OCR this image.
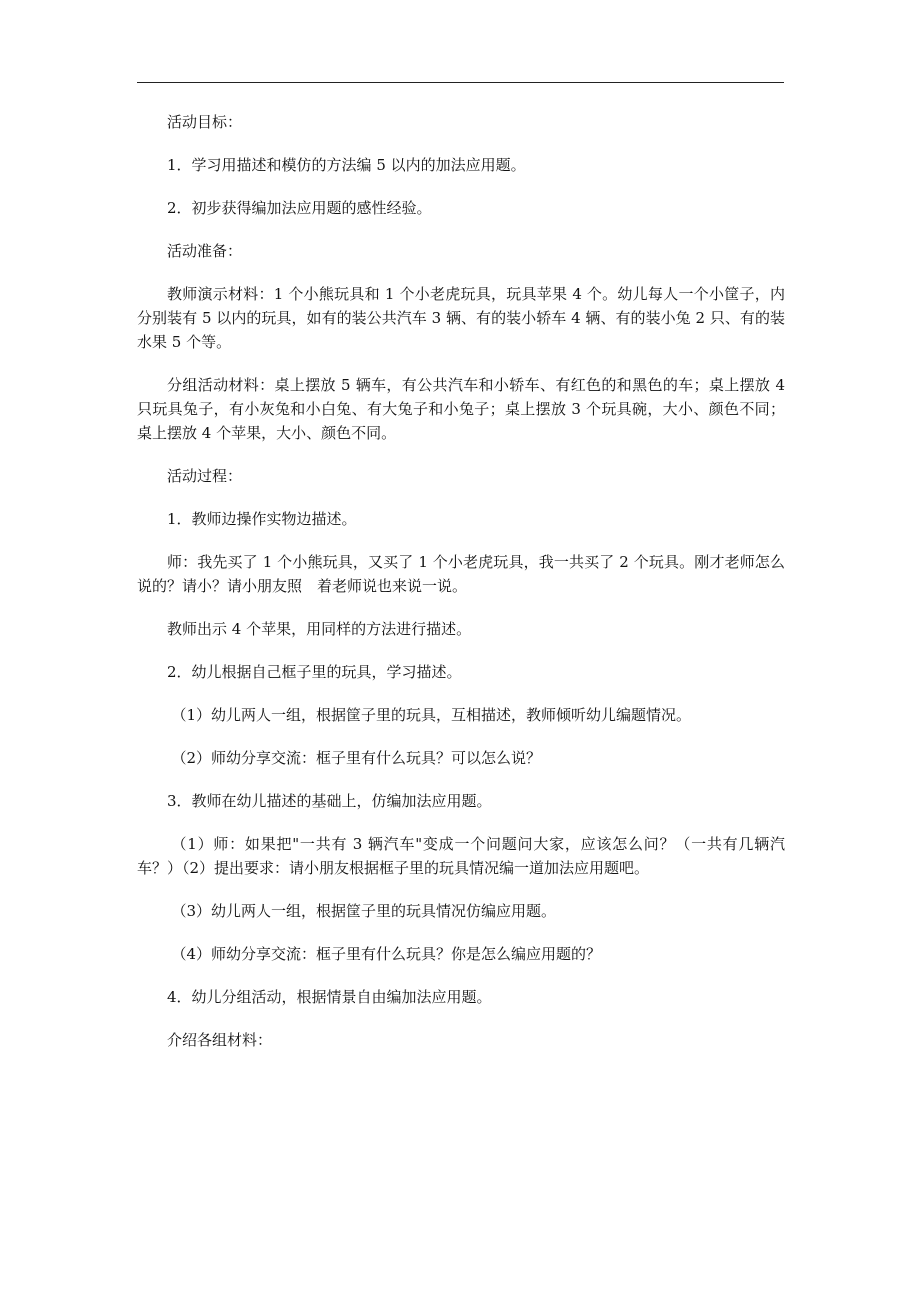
活动目标：

1．学习用描述和模仿的方法编 5 以内的加法应用题。

2．初步获得编加法应用题的感性经验。

活动准备：

教师演示材料：1 个小熊玩具和 1 个小老虎玩具，玩具苹果 4 个。幼儿每人一个小筐子，内分别装有 5 以内的玩具，如有的装公共汽车 3 辆、有的装小轿车 4 辆、有的装小兔 2 只、有的装水果 5 个等。

分组活动材料：桌上摆放 5 辆车，有公共汽车和小轿车、有红色的和黑色的车；桌上摆放 4 只玩具兔子，有小灰兔和小白兔、有大兔子和小兔子；桌上摆放 3 个玩具碗，大小、颜色不同；桌上摆放 4 个苹果，大小、颜色不同。

活动过程：

1．教师边操作实物边描述。

师：我先买了 1 个小熊玩具，又买了 1 个小老虎玩具，我一共买了 2 个玩具。刚才老师怎么说的？请小？请小朋友照　着老师说也来说一说。

教师出示 4 个苹果，用同样的方法进行描述。

2．幼儿根据自己框子里的玩具，学习描述。

（1）幼儿两人一组，根据筐子里的玩具，互相描述，教师倾听幼儿编题情况。

（2）师幼分享交流：框子里有什么玩具？可以怎么说？

3．教师在幼儿描述的基础上，仿编加法应用题。

（1）师：如果把"一共有 3 辆汽车"变成一个问题问大家，应该怎么问？（一共有几辆汽车？）（2）提出要求：请小朋友根据框子里的玩具情况编一道加法应用题吧。

（3）幼儿两人一组，根据筐子里的玩具情况仿编应用题。

（4）师幼分享交流：框子里有什么玩具？你是怎么编应用题的？

4．幼儿分组活动，根据情景自由编加法应用题。

介绍各组材料：
